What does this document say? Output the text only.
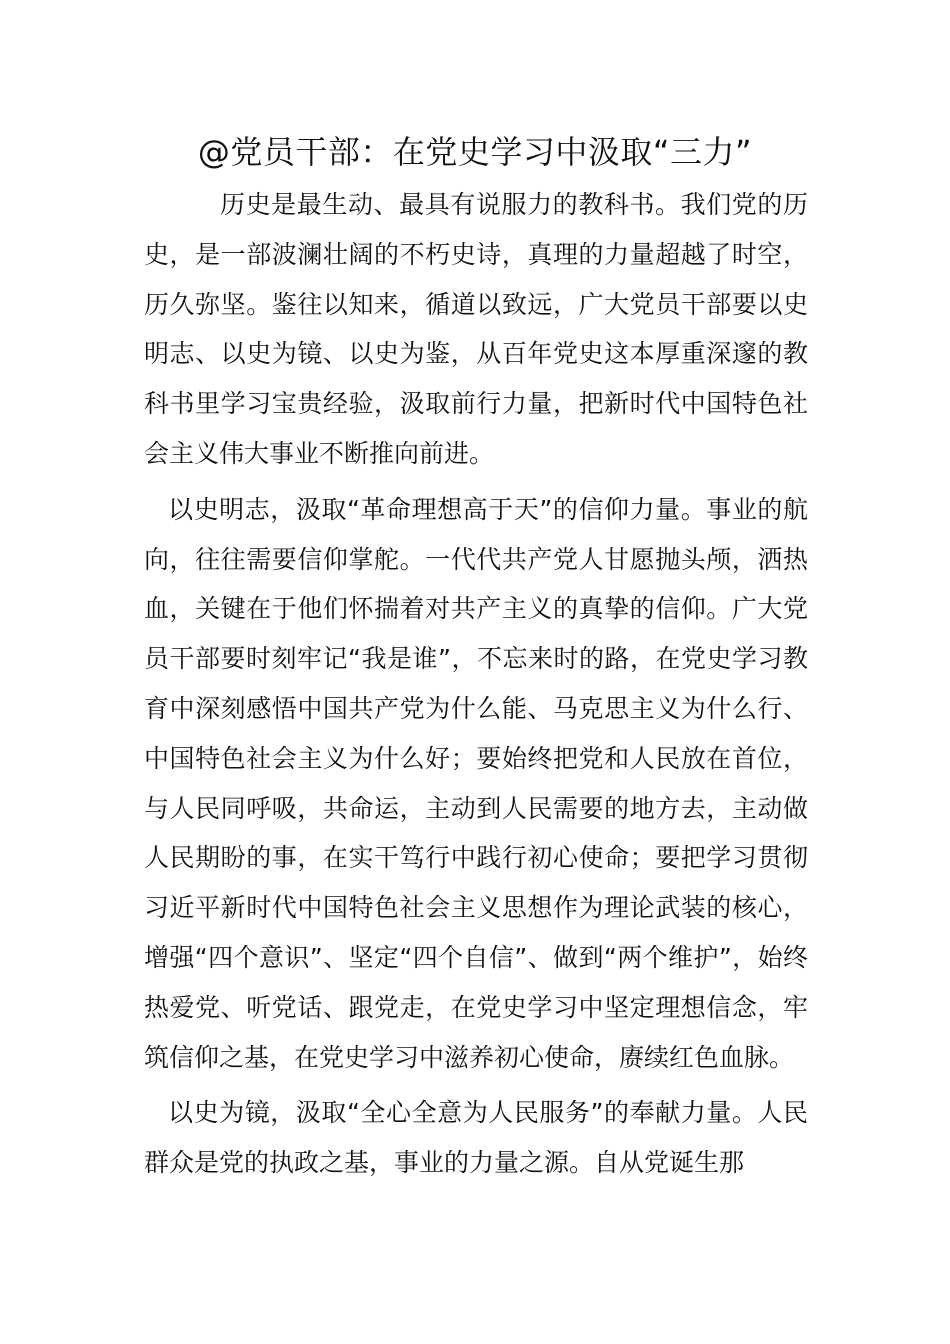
@党员干部：在党史学习中汲取“三力”

历史是最生动、最具有说服力的教科书。我们党的历史，是一部波澜壮阔的不朽史诗，真理的力量超越了时空，历久弥坚。鉴往以知来，循道以致远，广大党员干部要以史明志、以史为镜、以史为鉴，从百年党史这本厚重深邃的教科书里学习宝贵经验，汲取前行力量，把新时代中国特色社会主义伟大事业不断推向前进。

以史明志，汲取“革命理想高于天”的信仰力量。事业的航向，往往需要信仰掌舵。一代代共产党人甘愿抛头颅，洒热血，关键在于他们怀揣着对共产主义的真挚的信仰。广大党员干部要时刻牢记“我是谁”，不忘来时的路，在党史学习教育中深刻感悟中国共产党为什么能、马克思主义为什么行、中国特色社会主义为什么好；要始终把党和人民放在首位，与人民同呼吸，共命运，主动到人民需要的地方去，主动做人民期盼的事，在实干笃行中践行初心使命；要把学习贯彻习近平新时代中国特色社会主义思想作为理论武装的核心，增强“四个意识”、坚定“四个自信”、做到“两个维护”，始终热爱党、听党话、跟党走，在党史学习中坚定理想信念，牢筑信仰之基，在党史学习中滋养初心使命，赓续红色血脉。

以史为镜，汲取“全心全意为人民服务”的奉献力量。人民群众是党的执政之基，事业的力量之源。自从党诞生那
